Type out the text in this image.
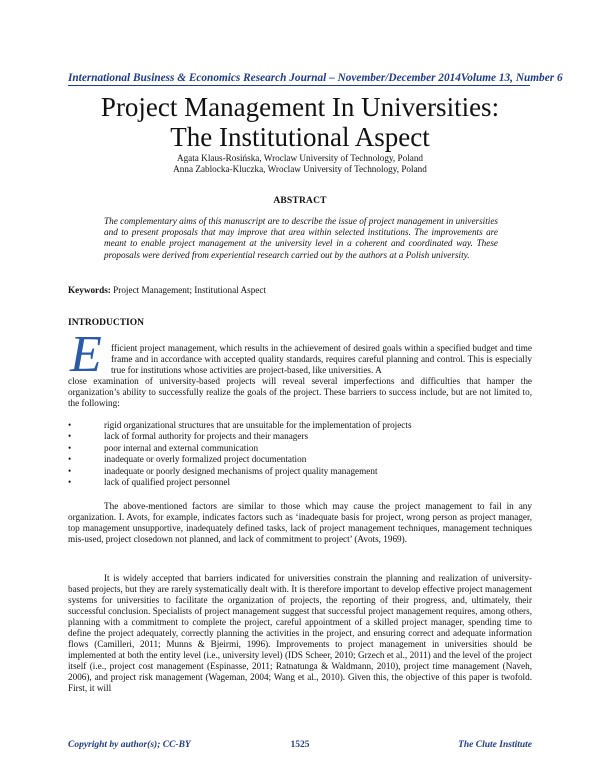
International Business & Economics Research Journal – November/December 2014 Volume 13, Number 6
Project Management In Universities:
The Institutional Aspect
Agata Klaus-Rosińska, Wroclaw University of Technology, Poland
Anna Zablocka-Kluczka, Wroclaw University of Technology, Poland
ABSTRACT
The complementary aims of this manuscript are to describe the issue of project management in universities and to present proposals that may improve that area within selected institutions. The improvements are meant to enable project management at the university level in a coherent and coordinated way. These proposals were derived from experiential research carried out by the authors at a Polish university.
Keywords: Project Management; Institutional Aspect
INTRODUCTION
E fficient project management, which results in the achievement of desired goals within a specified budget and time frame and in accordance with accepted quality standards, requires careful planning and control. This is especially true for institutions whose activities are project-based, like universities. A
close examination of university-based projects will reveal several imperfections and difficulties that hamper the organization’s ability to successfully realize the goals of the project. These barriers to success include, but are not limited to, the following:
•	rigid organizational structures that are unsuitable for the implementation of projects
•	lack of formal authority for projects and their managers
•	poor internal and external communication
•	inadequate or overly formalized project documentation
•	inadequate or poorly designed mechanisms of project quality management
•	lack of qualified project personnel
The above-mentioned factors are similar to those which may cause the project management to fail in any organization. I. Avots, for example, indicates factors such as ‘inadequate basis for project, wrong person as project manager, top management unsupportive, inadequately defined tasks, lack of project management techniques, management techniques mis-used, project closedown not planned, and lack of commitment to project’ (Avots, 1969).
It is widely accepted that barriers indicated for universities constrain the planning and realization of university-based projects, but they are rarely systematically dealt with. It is therefore important to develop effective project management systems for universities to facilitate the organization of projects, the reporting of their progress, and, ultimately, their successful conclusion. Specialists of project management suggest that successful project management requires, among others, planning with a commitment to complete the project, careful appointment of a skilled project manager, spending time to define the project adequately, correctly planning the activities in the project, and ensuring correct and adequate information flows (Camilleri, 2011; Munns & Bjeirmi, 1996). Improvements to project management in universities should be implemented at both the entity level (i.e., university level) (IDS Scheer, 2010; Grzech et al., 2011) and the level of the project itself (i.e., project cost management (Espinasse, 2011; Ratnatunga & Waldmann, 2010), project time management (Naveh, 2006), and project risk management (Wageman, 2004; Wang et al., 2010). Given this, the objective of this paper is twofold. First, it will
Copyright by author(s); CC-BY	1525	The Clute Institute
